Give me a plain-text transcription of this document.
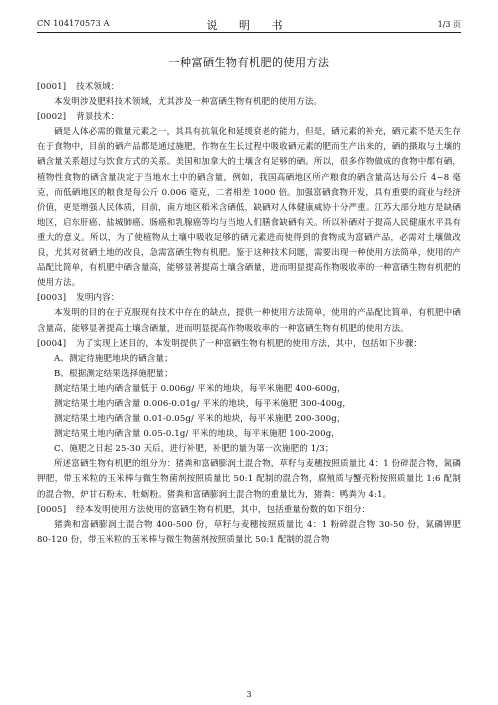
CN 104170573 A	说 明 书	1/3 页
一种富硒生物有机肥的使用方法

[0001] 技术领域：

本发明涉及肥料技术领域，尤其涉及一种富硒生物有机肥的使用方法。

[0002] 背景技术：

硒是人体必需的微量元素之一，其具有抗氧化和延缓衰老的能力，但是，硒元素的补充，硒元素不是天生存在于食物中，目前的硒产品都是通过施肥，作物在生长过程中吸收硒元素的肥而生产出来的，硒的摄取与土壤的硒含量关系超过与饮食方式的关系。美国和加拿大的土壤含有足够的硒。所以，很多作物做成的食物中都有硒，植物性食物的硒含量决定于当地水土中的硒含量，例如，我国高硒地区所产粮食的硒含量高达每公斤 4~8 毫克，而低硒地区的粮食是每公斤 0.006 毫克，二者相差 1000 倍。加强富硒食物开发，具有重要的商业与经济价值，更是增强人民体质，目前，南方地区稻米含硒低，缺硒对人体健康威协十分严重。江苏大部分地方是缺硒地区，启东肝癌、盐城肺癌、肠癌和乳腺癌等均与当地人们膳食缺硒有关。所以补硒对于提高人民健康水平具有重大的意义。所以，为了使植物从土壤中吸收足够的硒元素进而使得到的食物成为富硒产品，必需对土壤做改良，尤其对贫硒土地的改良，急需富硒生物有机肥。鉴于这种技术问题，需要出现一种使用方法简单，使用的产品配比简单，有机肥中硒含量高，能够显著提高土壤含硒量，进而明显提高作物吸收率的一种富硒生物有机肥的使用方法。

[0003] 发明内容：

本发明的目的在于克服现有技术中存在的缺点，提供一种使用方法简单，使用的产品配比简单，有机肥中硒含量高，能够显著提高土壤含硒量，进而明显提高作物吸收率的一种富硒生物有机肥的使用方法。

[0004] 为了实现上述目的，本发明提供了一种富硒生物有机肥的使用方法，其中，包括如下步骤：

A、测定待施肥地块的硒含量；

B、根据测定结果选择施肥量；

测定结果土地内硒含量低于 0.006g/ 平米的地块，每平米施肥 400-600g，

测定结果土地内硒含量 0.006-0.01g/ 平米的地块，每平米施肥 300-400g，

测定结果土地内硒含量 0.01-0.05g/ 平米的地块，每平米施肥 200-300g，

测定结果土地内硒含量 0.05-0.1g/ 平米的地块，每平米施肥 100-200g，

C、施肥之日起 25-30 天后，进行补肥，补肥的量为第一次施肥的 1/3；

所述富硒生物有机肥的组分为：猪粪和富硒膨润土混合物，草籽与麦穗按照质量比 4：1 份碎混合物，氮磷钾肥，带玉米粒的玉米棒与微生物菌剂按照质量比 50:1 配制的混合物，腐殖质与蟹壳粉按照质量比 1:6 配制的混合物，炉甘石粉末、牡蛎粉。猪粪和富硒膨润土混合物的重量比为，猪粪：鸭粪为 4:1。

[0005] 经本发明使用方法使用的富硒生物有机肥，其中，包括重量份数的如下组分：

猪粪和富硒膨润土混合物 400-500 份，草籽与麦穗按照质量比 4：1 粉碎混合物 30-50 份，氮磷钾肥 80-120 份，带玉米粒的玉米棒与微生物菌剂按照质量比 50:1 配制的混合物

3
